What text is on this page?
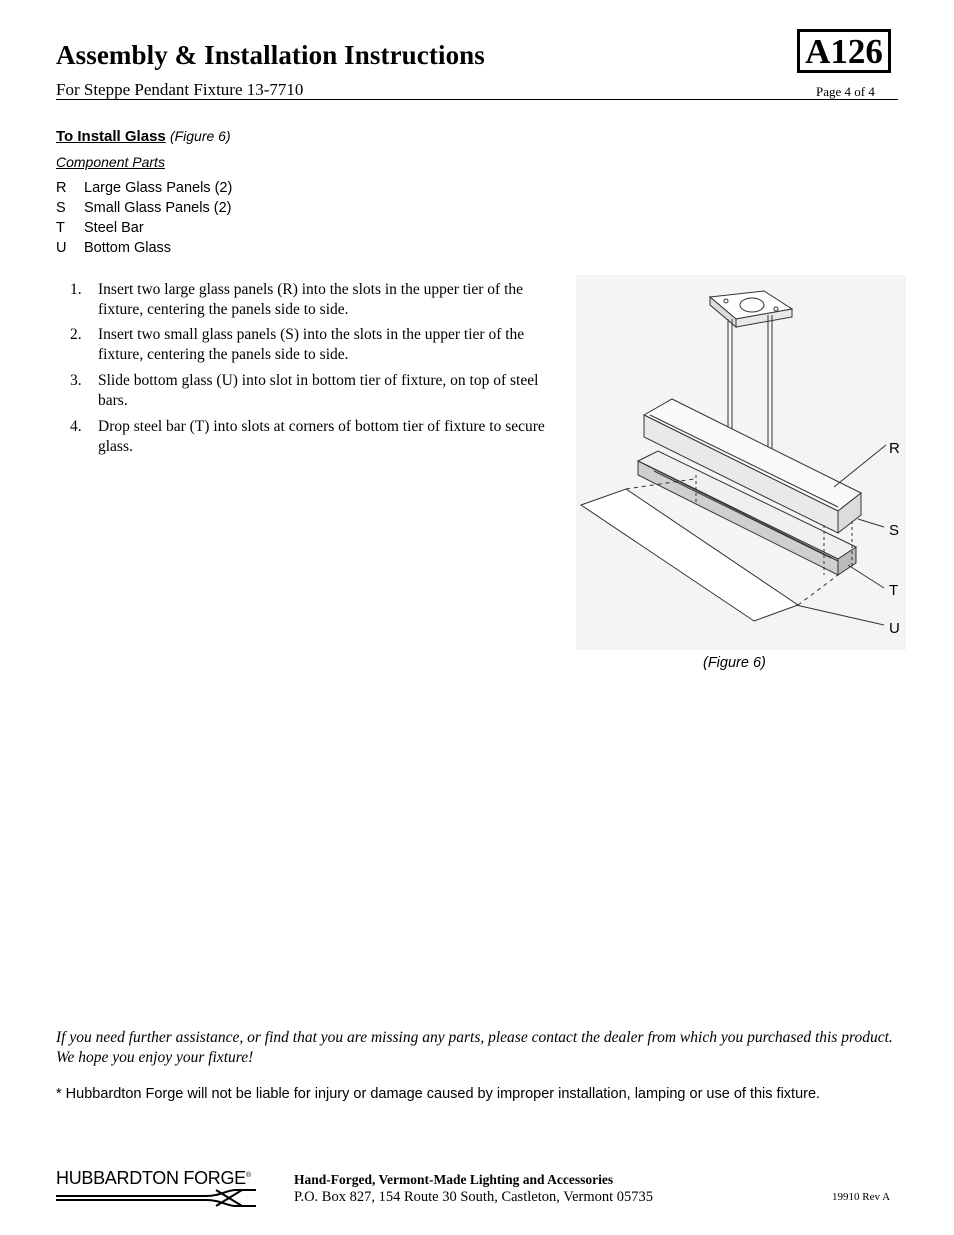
Assembly & Installation Instructions	A126
For Steppe Pendant Fixture 13-7710	Page 4 of 4
To Install Glass (Figure 6)
Component Parts
R Large Glass Panels (2)
S Small Glass Panels (2)
T Steel Bar
U Bottom Glass
1. Insert two large glass panels (R) into the slots in the upper tier of the fixture, centering the panels side to side.
2. Insert two small glass panels (S) into the slots in the upper tier of the fixture, centering the panels side to side.
3. Slide bottom glass (U) into slot in bottom tier of fixture, on top of steel bars.
4. Drop steel bar (T) into slots at corners of bottom tier of fixture to secure glass.	R
S
T
U
(Figure 6)
If you need further assistance, or find that you are missing any parts, please contact the dealer from which you purchased this product. We hope you enjoy your fixture!
* Hubbardton Forge will not be liable for injury or damage caused by improper installation, lamping or use of this fixture.
HUBBARDTON FORGE®	Hand-Forged, Vermont-Made Lighting and Accessories
P.O. Box 827, 154 Route 30 South, Castleton, Vermont 05735	19910 Rev A
